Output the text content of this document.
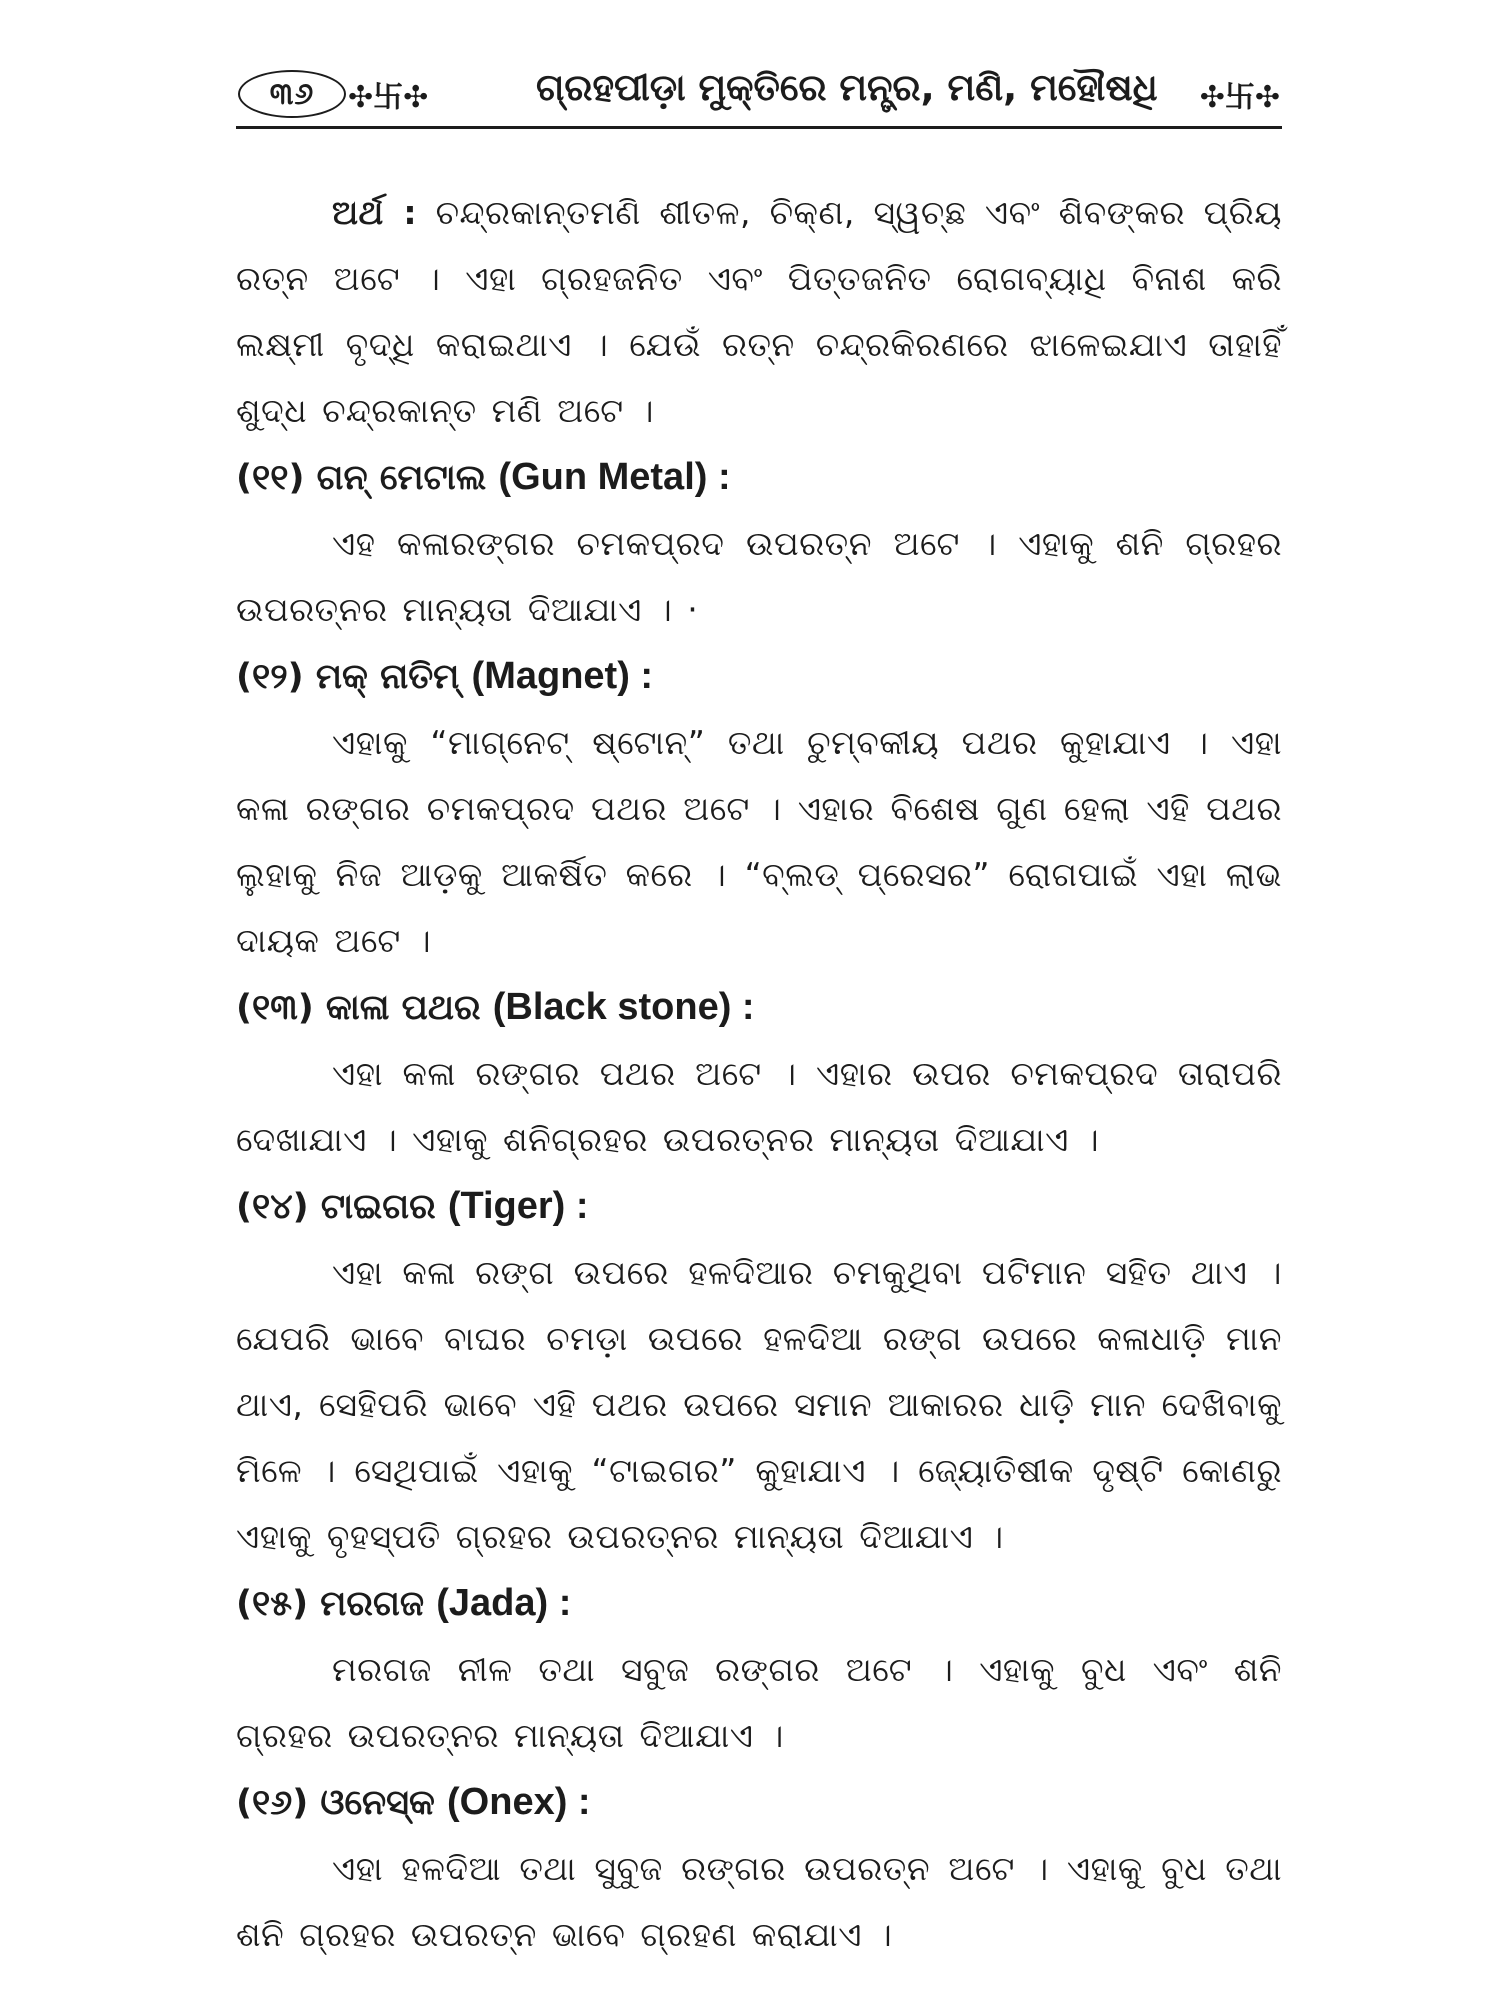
୩୬	✣卐✣	ଗ୍ରହପୀଡ଼ା ମୁକ୍ତିରେ ମନ୍ତ୍ର, ମଣି, ମହୌଷଧି	✣卐✣

ଅର୍ଥ : ଚନ୍ଦ୍ରକାନ୍ତମଣି ଶୀତଳ, ଚିକ୍‌ଣ, ସ୍ୱଚ୍ଛ ଏବଂ ଶିବଙ୍କର ପ୍ରିୟ ରତ୍ନ ଅଟେ । ଏହା ଗ୍ରହଜନିତ ଏବଂ ପିତ୍ତଜନିତ ରୋଗବ୍ୟାଧି ବିନାଶ କରି ଲକ୍ଷ୍ମୀ ବୃଦ୍ଧି କରାଇଥାଏ । ଯେଉଁ ରତ୍ନ ଚନ୍ଦ୍ରକିରଣରେ ଝାଳେଇଯାଏ ତାହାହିଁ ଶୁଦ୍ଧ ଚନ୍ଦ୍ରକାନ୍ତ ମଣି ଅଟେ ।

(୧୧) ଗନ୍ ମେଟାଲ (Gun Metal) :

ଏହ କଳାରଙ୍ଗର ଚମକପ୍ରଦ ଉପରତ୍ନ ଅଟେ । ଏହାକୁ ଶନି ଗ୍ରହର ଉପରତ୍ନର ମାନ୍ୟତା ଦିଆଯାଏ । ·

(୧୨) ମକ୍ ନାତିମ୍ (Magnet) :

ଏହାକୁ “ମାଗ୍‌ନେଟ୍ ଷ୍ଟୋନ୍” ତଥା ଚୁମ୍ବକୀୟ ପଥର କୁହାଯାଏ । ଏହା କଳା ରଙ୍ଗର ଚମକପ୍ରଦ ପଥର ଅଟେ । ଏହାର ବିଶେଷ ଗୁଣ ହେଲା ଏହି ପଥର ଲୁହାକୁ ନିଜ ଆଡ଼କୁ ଆକର୍ଷିତ କରେ । “ବ୍ଲଡ୍ ପ୍ରେସର” ରୋଗପାଇଁ ଏହା ଲାଭ ଦାୟକ ଅଟେ ।

(୧୩) କାଳା ପଥର (Black stone) :

ଏହା କଳା ରଙ୍ଗର ପଥର ଅଟେ । ଏହାର ଉପର ଚମକପ୍ରଦ ତାରାପରି ଦେଖାଯାଏ । ଏହାକୁ ଶନିଗ୍ରହର ଉପରତ୍ନର ମାନ୍ୟତା ଦିଆଯାଏ ।

(୧୪) ଟାଇଗର (Tiger) :

ଏହା କଳା ରଙ୍ଗ ଉପରେ ହଳଦିଆର ଚମକୁଥିବା ପଟିମାନ ସହିତ ଥାଏ । ଯେପରି ଭାବେ ବାଘର ଚମଡ଼ା ଉପରେ ହଳଦିଆ ରଙ୍ଗ ଉପରେ କଳାଧାଡ଼ି ମାନ ଥାଏ, ସେହିପରି ଭାବେ ଏହି ପଥର ଉପରେ ସମାନ ଆକାରର ଧାଡ଼ି ମାନ ଦେଖିବାକୁ ମିଳେ । ସେଥିପାଇଁ ଏହାକୁ “ଟାଇଗର” କୁହାଯାଏ । ଜ୍ୟୋତିଷୀକ ଦୃଷ୍ଟି କୋଣରୁ ଏହାକୁ ବୃହସ୍ପତି ଗ୍ରହର ଉପରତ୍ନର ମାନ୍ୟତା ଦିଆଯାଏ ।

(୧୫) ମରଗଜ (Jada) :

ମରଗଜ ନୀଳ ତଥା ସବୁଜ ରଙ୍ଗର ଅଟେ । ଏହାକୁ ବୁଧ ଏବଂ ଶନି ଗ୍ରହର ଉପରତ୍ନର ମାନ୍ୟତା ଦିଆଯାଏ ।

(୧୬) ଓନେସ୍କ (Onex) :

ଏହା ହଳଦିଆ ତଥା ସୁବୁଜ ରଙ୍ଗର ଉପରତ୍ନ ଅଟେ । ଏହାକୁ ବୁଧ ତଥା ଶନି ଗ୍ରହର ଉପରତ୍ନ ଭାବେ ଗ୍ରହଣ କରାଯାଏ ।
